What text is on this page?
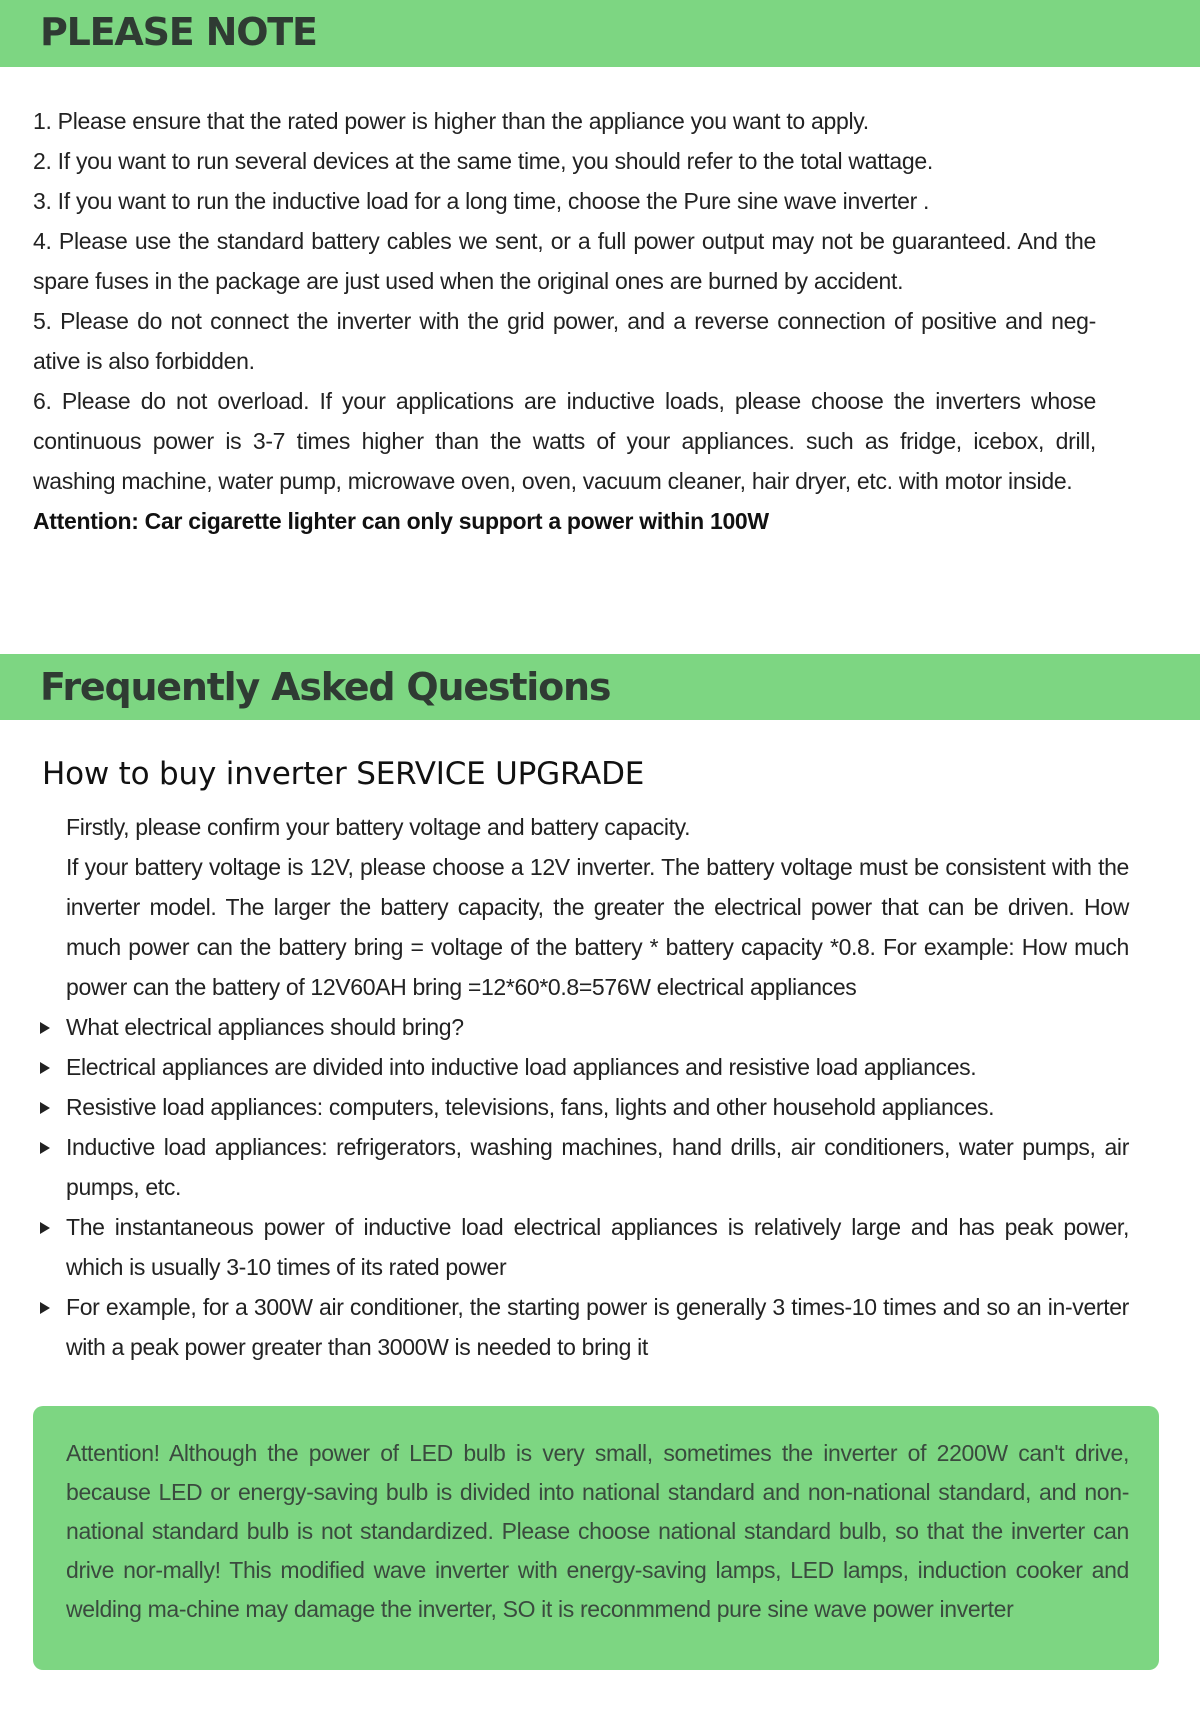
PLEASE NOTE
1. Please ensure that the rated power is higher than the appliance you want to apply.
2. If you want to run several devices at the same time, you should refer to the total wattage.
3. If you want to run the inductive load for a long time, choose the Pure sine wave inverter .
4. Please use the standard battery cables we sent, or a full power output may not be guaranteed. And the spare fuses in the package are just used when the original ones are burned by accident.
5. Please do not connect the inverter with the grid power, and a reverse connection of positive and neg-ative is also forbidden.
6. Please do not overload. If your applications are inductive loads, please choose the inverters whose continuous power is 3-7 times higher than the watts of your appliances. such as fridge, icebox, drill, washing machine, water pump, microwave oven, oven, vacuum cleaner, hair dryer, etc. with motor inside.
Attention: Car cigarette lighter can only support a power within 100W
Frequently Asked Questions
How to buy inverter SERVICE UPGRADE

Firstly, please confirm your battery voltage and battery capacity.

If your battery voltage is 12V, please choose a 12V inverter. The battery voltage must be consistent with the inverter model. The larger the battery capacity, the greater the electrical power that can be driven. How much power can the battery bring = voltage of the battery * battery capacity *0.8. For example: How much power can the battery of 12V60AH bring =12*60*0.8=576W electrical appliances

What electrical appliances should bring?
Electrical appliances are divided into inductive load appliances and resistive load appliances.
Resistive load appliances: computers, televisions, fans, lights and other household appliances.
Inductive load appliances: refrigerators, washing machines, hand drills, air conditioners, water pumps, air pumps, etc.
The instantaneous power of inductive load electrical appliances is relatively large and has peak power, which is usually 3-10 times of its rated power
For example, for a 300W air conditioner, the starting power is generally 3 times-10 times and so an in-verter with a peak power greater than 3000W is needed to bring it

Attention! Although the power of LED bulb is very small, sometimes the inverter of 2200W can't drive, because LED or energy-saving bulb is divided into national standard and non-national standard, and non-national standard bulb is not standardized. Please choose national standard bulb, so that the inverter can drive nor-mally! This modified wave inverter with energy-saving lamps, LED lamps, induction cooker and welding ma-chine may damage the inverter, SO it is reconmmend pure sine wave power inverter
